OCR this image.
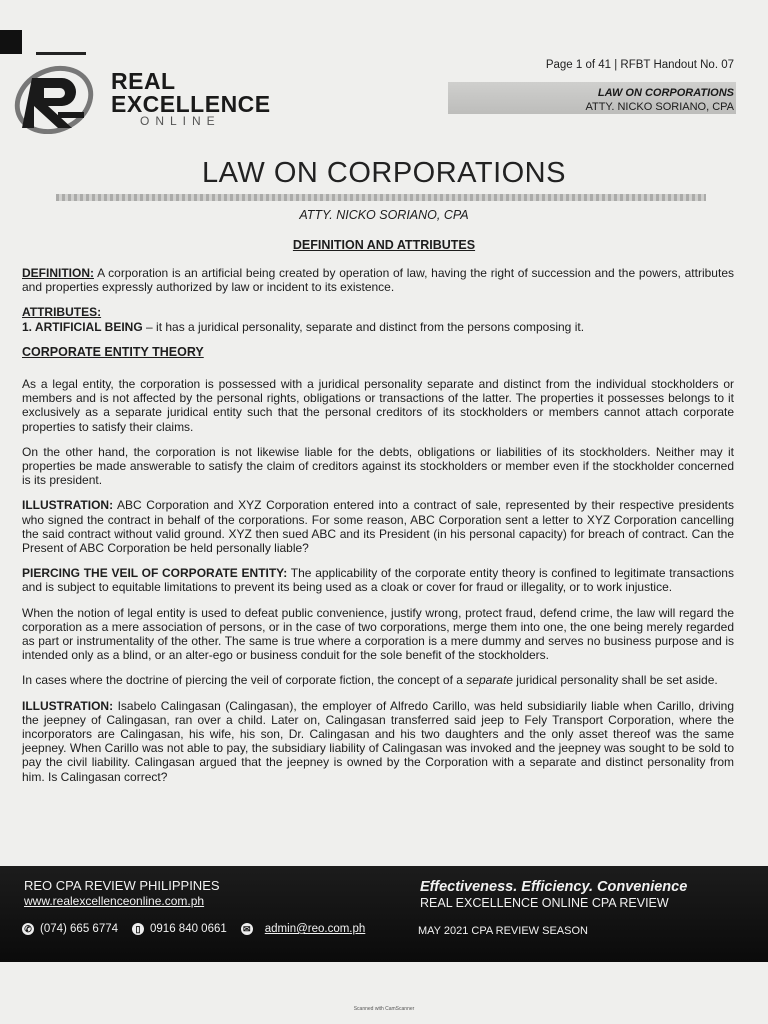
REAL
EXCELLENCE
ONLINE
Page 1 of 41 | RFBT Handout No. 07
LAW ON CORPORATIONS
ATTY. NICKO SORIANO, CPA
LAW ON CORPORATIONS
ATTY. NICKO SORIANO, CPA
DEFINITION AND ATTRIBUTES

DEFINITION: A corporation is an artificial being created by operation of law, having the right of succession and the powers, attributes and properties expressly authorized by law or incident to its existence.

ATTRIBUTES:
1. ARTIFICIAL BEING – it has a juridical personality, separate and distinct from the persons composing it.

CORPORATE ENTITY THEORY

As a legal entity, the corporation is possessed with a juridical personality separate and distinct from the individual stockholders or members and is not affected by the personal rights, obligations or transactions of the latter. The properties it possesses belongs to it exclusively as a separate juridical entity such that the personal creditors of its stockholders or members cannot attach corporate properties to satisfy their claims.

On the other hand, the corporation is not likewise liable for the debts, obligations or liabilities of its stockholders. Neither may it properties be made answerable to satisfy the claim of creditors against its stockholders or member even if the stockholder concerned is its president.

ILLUSTRATION: ABC Corporation and XYZ Corporation entered into a contract of sale, represented by their respective presidents who signed the contract in behalf of the corporations. For some reason, ABC Corporation sent a letter to XYZ Corporation cancelling the said contract without valid ground. XYZ then sued ABC and its President (in his personal capacity) for breach of contract. Can the Present of ABC Corporation be held personally liable?

PIERCING THE VEIL OF CORPORATE ENTITY: The applicability of the corporate entity theory is confined to legitimate transactions and is subject to equitable limitations to prevent its being used as a cloak or cover for fraud or illegality, or to work injustice.

When the notion of legal entity is used to defeat public convenience, justify wrong, protect fraud, defend crime, the law will regard the corporation as a mere association of persons, or in the case of two corporations, merge them into one, the one being merely regarded as part or instrumentality of the other. The same is true where a corporation is a mere dummy and serves no business purpose and is intended only as a blind, or an alter-ego or business conduit for the sole benefit of the stockholders.

In cases where the doctrine of piercing the veil of corporate fiction, the concept of a separate juridical personality shall be set aside.

ILLUSTRATION: Isabelo Calingasan (Calingasan), the employer of Alfredo Carillo, was held subsidiarily liable when Carillo, driving the jeepney of Calingasan, ran over a child. Later on, Calingasan transferred said jeep to Fely Transport Corporation, where the incorporators are Calingasan, his wife, his son, Dr. Calingasan and his two daughters and the only asset thereof was the same jeepney. When Carillo was not able to pay, the subsidiary liability of Calingasan was invoked and the jeepney was sought to be sold to pay the civil liability. Calingasan argued that the jeepney is owned by the Corporation with a separate and distinct personality from him. Is Calingasan correct?

REO CPA REVIEW PHILIPPINES
www.realexcellenceonline.com.ph
✆ (074) 665 6774	▯ 0916 840 0661 ✉ admin@reo.com.ph
Effectiveness. Efficiency. Convenience
REAL EXCELLENCE ONLINE CPA REVIEW
MAY 2021 CPA REVIEW SEASON
Scanned with CamScanner
